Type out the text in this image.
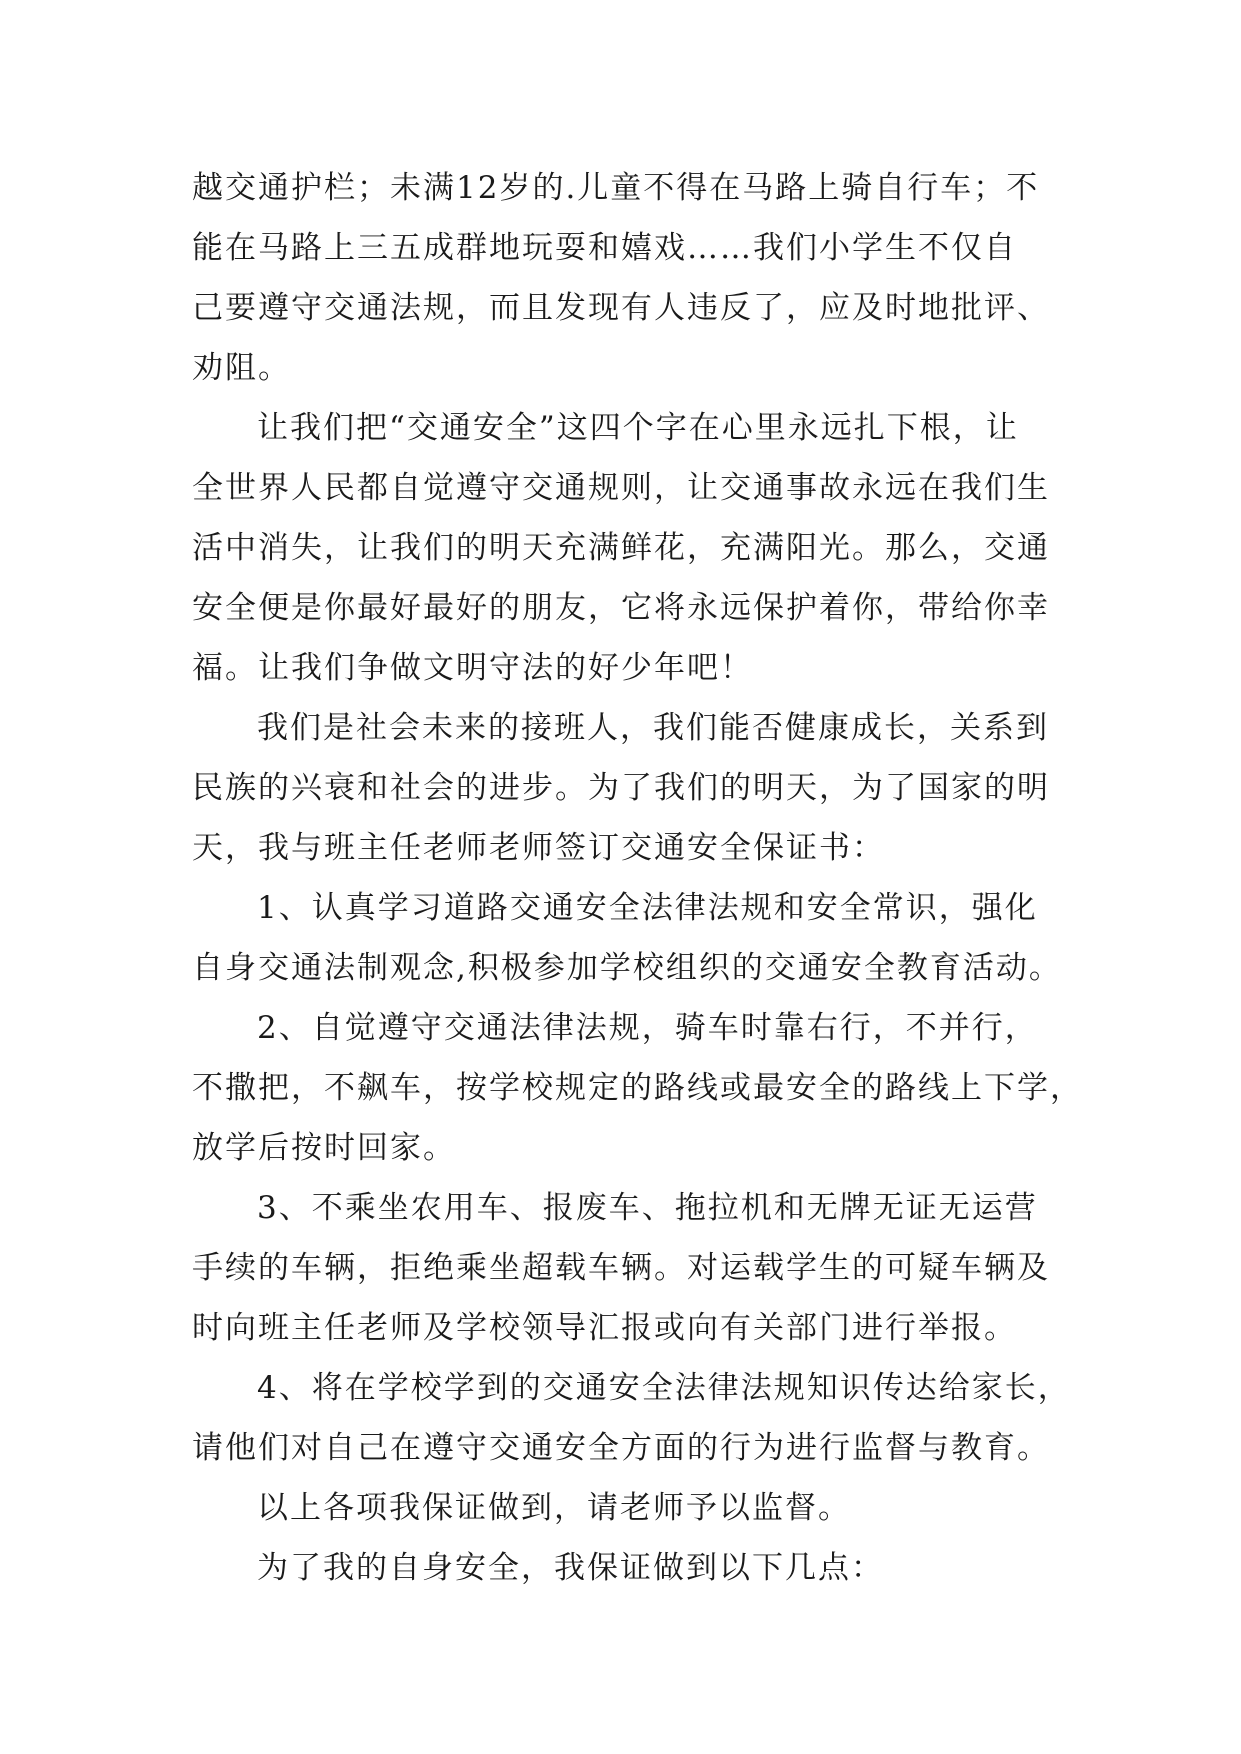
越交通护栏；未满12岁的.儿童不得在马路上骑自行车；不
能在马路上三五成群地玩耍和嬉戏……我们小学生不仅自
己要遵守交通法规，而且发现有人违反了，应及时地批评、
劝阻。
让我们把“交通安全”这四个字在心里永远扎下根，让
全世界人民都自觉遵守交通规则，让交通事故永远在我们生
活中消失，让我们的明天充满鲜花，充满阳光。那么，交通
安全便是你最好最好的朋友，它将永远保护着你，带给你幸
福。让我们争做文明守法的好少年吧！
我们是社会未来的接班人，我们能否健康成长，关系到
民族的兴衰和社会的进步。为了我们的明天，为了国家的明
天，我与班主任老师老师签订交通安全保证书：
1、认真学习道路交通安全法律法规和安全常识，强化
自身交通法制观念,积极参加学校组织的交通安全教育活动。
2、自觉遵守交通法律法规，骑车时靠右行，不并行，
不撒把，不飙车，按学校规定的路线或最安全的路线上下学，
放学后按时回家。
3、不乘坐农用车、报废车、拖拉机和无牌无证无运营
手续的车辆，拒绝乘坐超载车辆。对运载学生的可疑车辆及
时向班主任老师及学校领导汇报或向有关部门进行举报。
4、将在学校学到的交通安全法律法规知识传达给家长，
请他们对自己在遵守交通安全方面的行为进行监督与教育。
以上各项我保证做到，请老师予以监督。
为了我的自身安全，我保证做到以下几点：
